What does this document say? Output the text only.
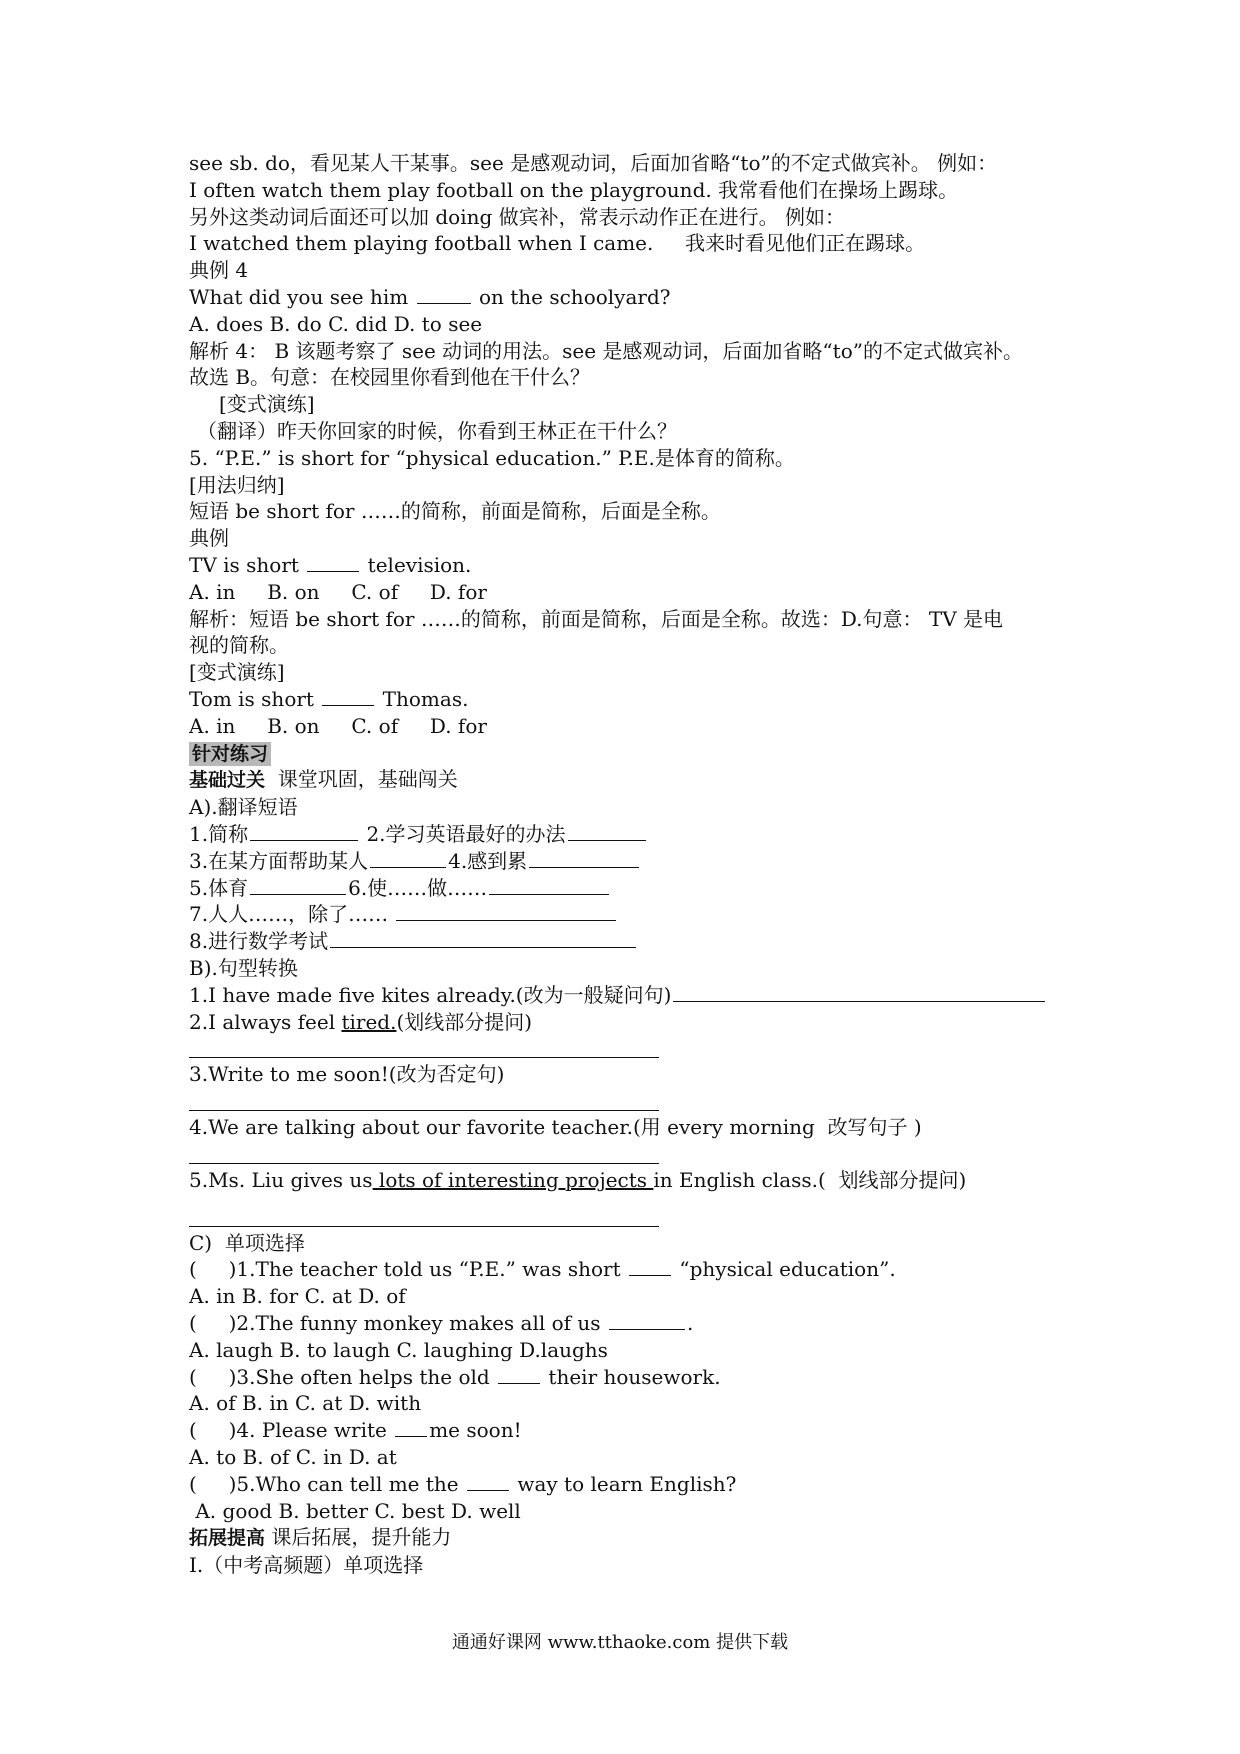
see sb. do，看见某人干某事。see 是感观动词，后面加省略“to”的不定式做宾补。 例如：
I often watch them play football on the playground. 我常看他们在操场上踢球。
另外这类动词后面还可以加 doing 做宾补，常表示动作正在进行。 例如：
I watched them playing football when I came.     我来时看见他们正在踢球。
典例 4
What did you see him	on the schoolyard?
A. does B. do C. did D. to see
解析 4： B 该题考察了 see 动词的用法。see 是感观动词，后面加省略“to”的不定式做宾补。
故选 B。句意：在校园里你看到他在干什么？
[变式演练]
（翻译）昨天你回家的时候，你看到王林正在干什么？
5. “P.E.” is short for “physical education.” P.E.是体育的简称。
[用法归纳]
短语 be short for ……的简称，前面是简称，后面是全称。
典例
TV is short	television.
A. in     B. on     C. of     D. for
解析：短语 be short for ……的简称，前面是简称，后面是全称。故选：D.句意： TV 是电
视的简称。
[变式演练]
Tom is short	Thomas.
A. in     B. on     C. of     D. for
针对练习
基础过关  课堂巩固，基础闯关
A).翻译短语
1.简称	2.学习英语最好的办法
3.在某方面帮助某人	4.感到累
5.体育	6.使……做……
7.人人……，除了……
8.进行数学考试
B).句型转换
1.I have made five kites already.(改为一般疑问句)
2.I always feel tired.(划线部分提问)
3.Write to me soon!(改为否定句)
4.We are talking about our favorite teacher.(用 every morning  改写句子 )
5.Ms. Liu gives us lots of interesting projects in English class.(  划线部分提问)
C)  单项选择
(     )1.The teacher told us “P.E.” was short	“physical education”.
A. in B. for C. at D. of
(     )2.The funny monkey makes all of us	.
A. laugh B. to laugh C. laughing D.laughs
(     )3.She often helps the old	their housework.
A. of B. in C. at D. with
(     )4. Please write me soon!
A. to B. of C. in D. at
(     )5.Who can tell me the	way to learn English?
A. good B. better C. best D. well
拓展提高 课后拓展，提升能力
I.（中考高频题）单项选择
通通好课网 www.tthaoke.com 提供下载
